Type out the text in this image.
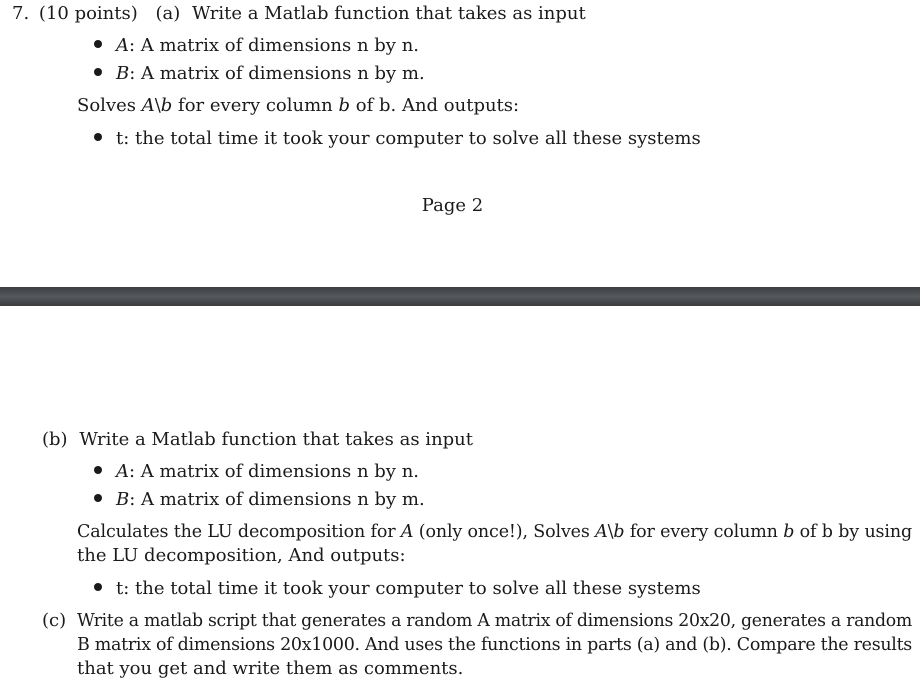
7. (10 points) (a) Write a Matlab function that takes as input
A: A matrix of dimensions n by n.
B: A matrix of dimensions n by m.
Solves A\b for every column b of b. And outputs:
t: the total time it took your computer to solve all these systems
Page 2
(b) Write a Matlab function that takes as input
A: A matrix of dimensions n by n.
B: A matrix of dimensions n by m.
Calculates the LU decomposition for A (only once!), Solves A\b for every column b of b by using
the LU decomposition, And outputs:
t: the total time it took your computer to solve all these systems
(c) Write a matlab script that generates a random A matrix of dimensions 20x20, generates a random
B matrix of dimensions 20x1000. And uses the functions in parts (a) and (b). Compare the results
that you get and write them as comments.
